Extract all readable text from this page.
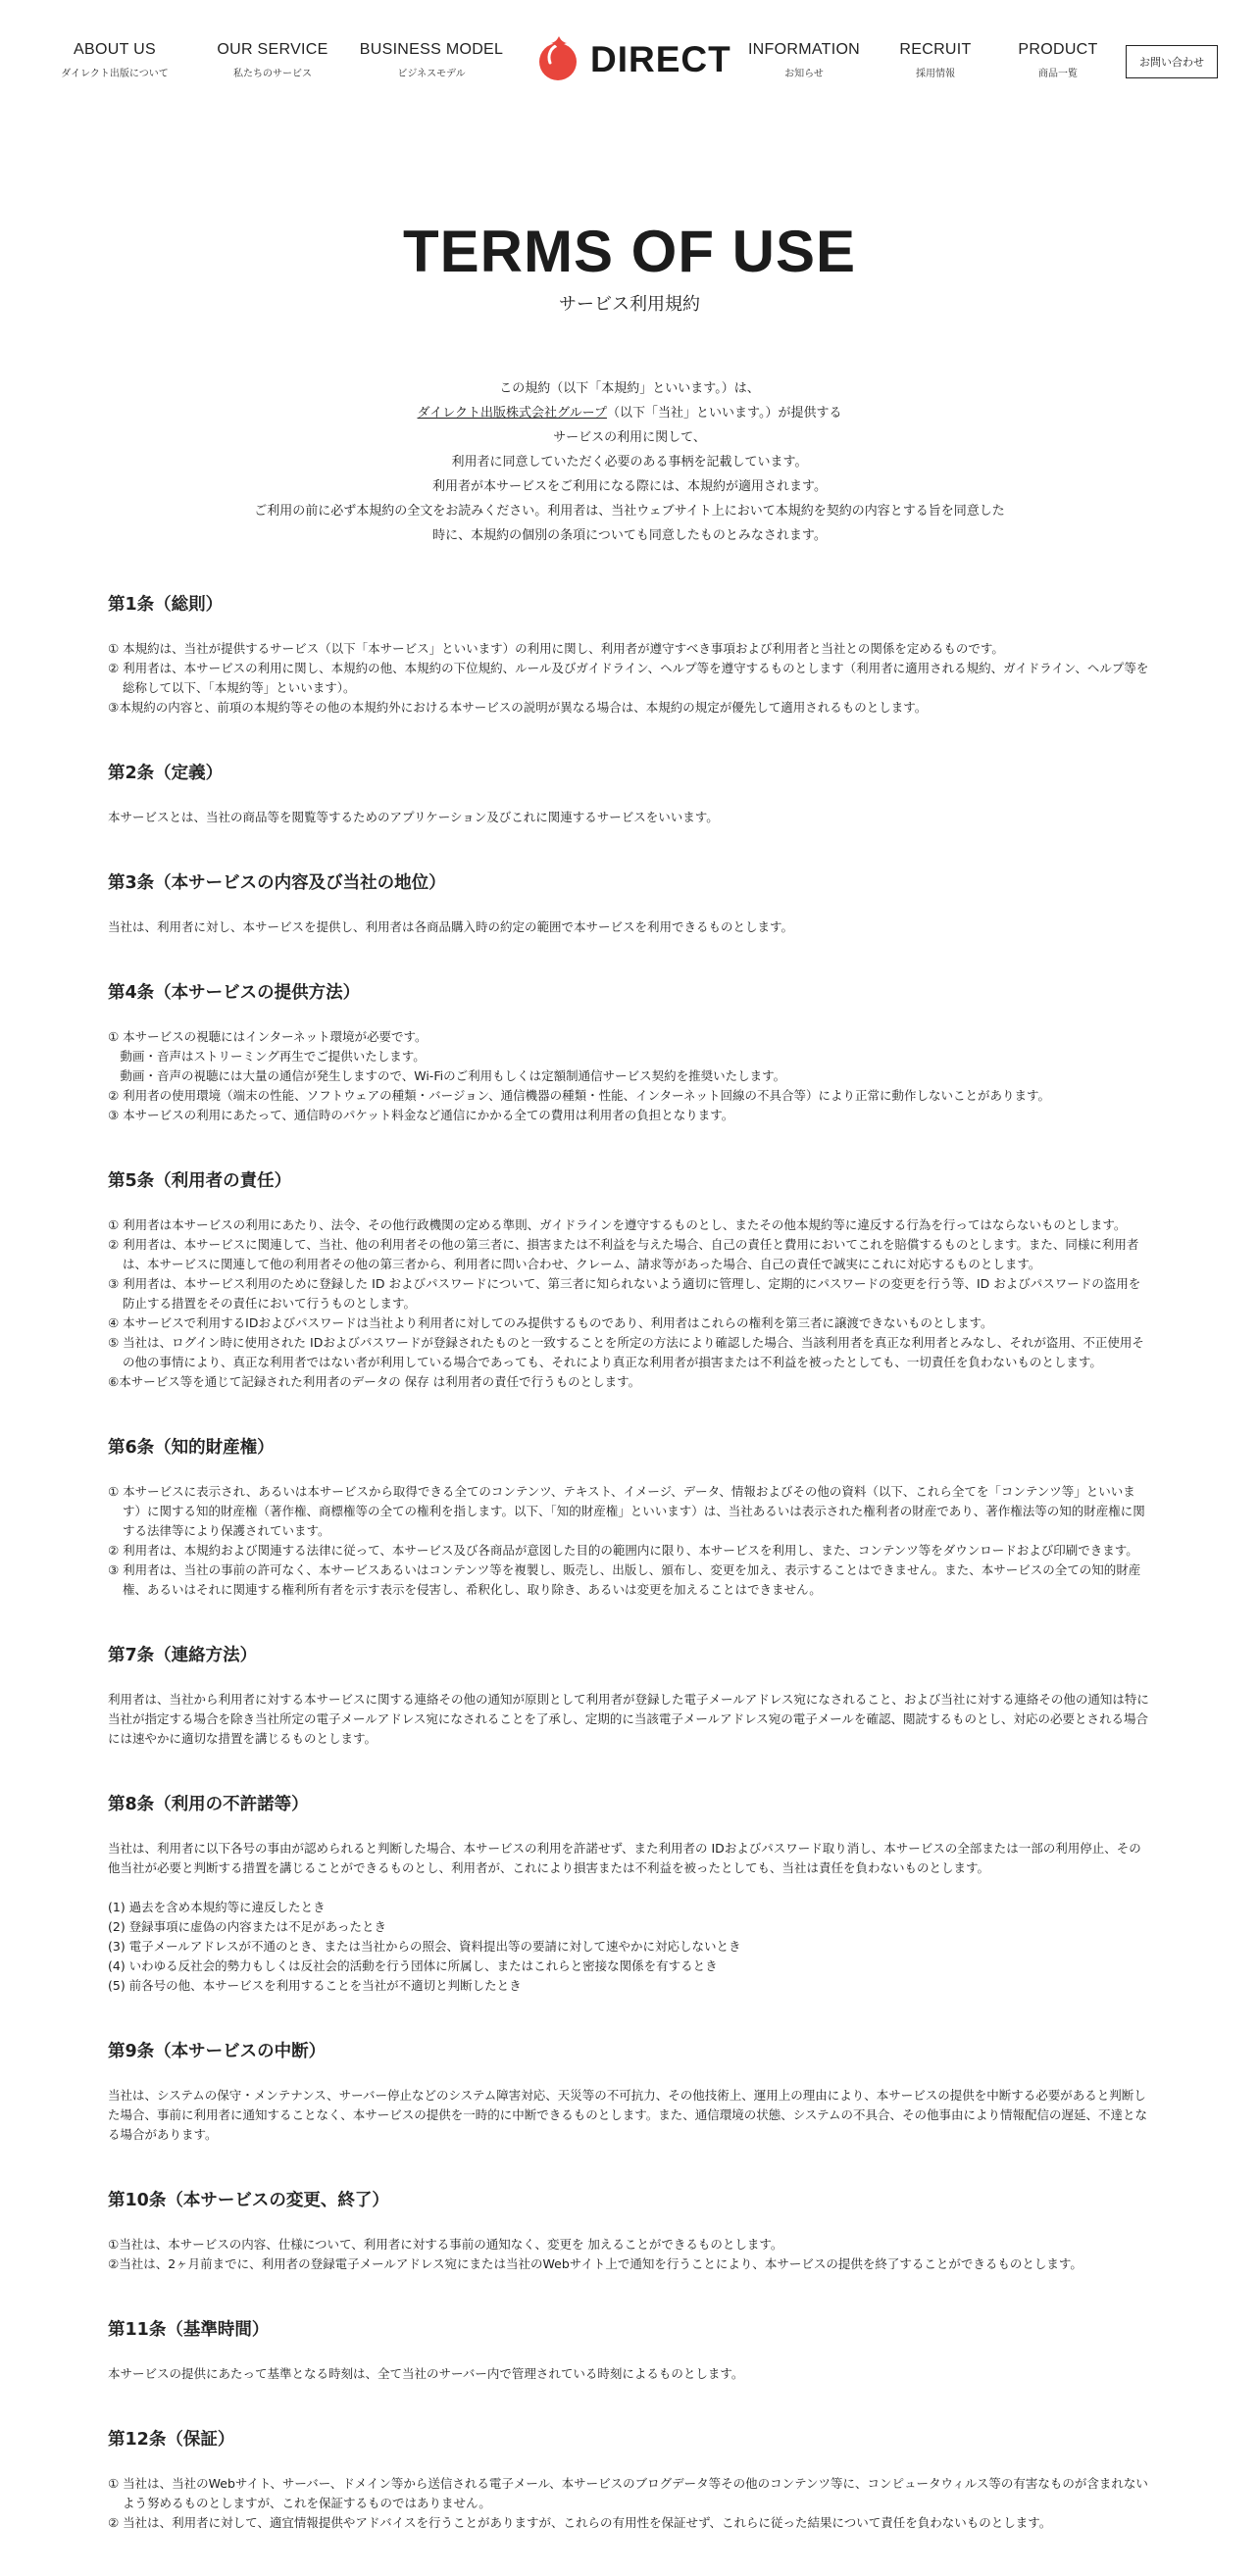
ABOUT US
ダイレクト出版について
OUR SERVICE
私たちのサービス
BUSINESS MODEL
ビジネスモデル	DIRECT	INFORMATION
お知らせ
RECRUIT
採用情報
PRODUCT
商品一覧
お問い合わせ
TERMS OF USE
サービス利用規約
この規約（以下「本規約」といいます。）は、
ダイレクト出版株式会社グループ（以下「当社」といいます。）が提供する
サービスの利用に関して、
利用者に同意していただく必要のある事柄を記載しています。
利用者が本サービスをご利用になる際には、本規約が適用されます。
ご利用の前に必ず本規約の全文をお読みください。利用者は、当社ウェブサイト上において本規約を契約の内容とする旨を同意した
時に、本規約の個別の条項についても同意したものとみなされます。
第1条（総則）

① 本規約は、当社が提供するサービス（以下「本サービス」といいます）の利用に関し、利用者が遵守すべき事項および利用者と当社との関係を定めるものです。

② 利用者は、本サービスの利用に関し、本規約の他、本規約の下位規約、ルール及びガイドライン、ヘルプ等を遵守するものとします（利用者に適用される規約、ガイドライン、ヘルプ等を総称して以下、「本規約等」といいます）。

③本規約の内容と、前項の本規約等その他の本規約外における本サービスの説明が異なる場合は、本規約の規定が優先して適用されるものとします。

第2条（定義）

本サービスとは、当社の商品等を閲覧等するためのアプリケーション及びこれに関連するサービスをいいます。

第3条（本サービスの内容及び当社の地位）

当社は、利用者に対し、本サービスを提供し、利用者は各商品購入時の約定の範囲で本サービスを利用できるものとします。

第4条（本サービスの提供方法）

① 本サービスの視聴にはインターネット環境が必要です。

　動画・音声はストリーミング再生でご提供いたします。

　動画・音声の視聴には大量の通信が発生しますので、Wi-Fiのご利用もしくは定額制通信サービス契約を推奨いたします。

② 利用者の使用環境（端末の性能、ソフトウェアの種類・バージョン、通信機器の種類・性能、インターネット回線の不具合等）により正常に動作しないことがあります。

③ 本サービスの利用にあたって、通信時のパケット料金など通信にかかる全ての費用は利用者の負担となります。

第5条（利用者の責任）

① 利用者は本サービスの利用にあたり、法令、その他行政機関の定める準則、ガイドラインを遵守するものとし、またその他本規約等に違反する行為を行ってはならないものとします。

② 利用者は、本サービスに関連して、当社、他の利用者その他の第三者に、損害または不利益を与えた場合、自己の責任と費用においてこれを賠償するものとします。また、同様に利用者は、本サービスに関連して他の利用者その他の第三者から、利用者に問い合わせ、クレーム、請求等があった場合、自己の責任で誠実にこれに対応するものとします。

③ 利用者は、本サービス利用のために登録した ID およびパスワードについて、第三者に知られないよう適切に管理し、定期的にパスワードの変更を行う等、ID およびパスワードの盗用を防止する措置をその責任において行うものとします。

④ 本サービスで利用するIDおよびパスワードは当社より利用者に対してのみ提供するものであり、利用者はこれらの権利を第三者に譲渡できないものとします。

⑤ 当社は、ログイン時に使用された IDおよびパスワードが登録されたものと一致することを所定の方法により確認した場合、当該利用者を真正な利用者とみなし、それが盗用、不正使用その他の事情により、真正な利用者ではない者が利用している場合であっても、それにより真正な利用者が損害または不利益を被ったとしても、一切責任を負わないものとします。

⑥本サービス等を通じて記録された利用者のデータの 保存 は利用者の責任で行うものとします。

第6条（知的財産権）

① 本サービスに表示され、あるいは本サービスから取得できる全てのコンテンツ、テキスト、イメージ、データ、情報およびその他の資料（以下、これら全てを「コンテンツ等」といいます）に関する知的財産権（著作権、商標権等の全ての権利を指します。以下、「知的財産権」といいます）は、当社あるいは表示された権利者の財産であり、著作権法等の知的財産権に関する法律等により保護されています。

② 利用者は、本規約および関連する法律に従って、本サービス及び各商品が意図した目的の範囲内に限り、本サービスを利用し、また、コンテンツ等をダウンロードおよび印刷できます。

③ 利用者は、当社の事前の許可なく、本サービスあるいはコンテンツ等を複製し、販売し、出版し、頒布し、変更を加え、表示することはできません。また、本サービスの全ての知的財産権、あるいはそれに関連する権利所有者を示す表示を侵害し、希釈化し、取り除き、あるいは変更を加えることはできません。

第7条（連絡方法）

利用者は、当社から利用者に対する本サービスに関する連絡その他の通知が原則として利用者が登録した電子メールアドレス宛になされること、および当社に対する連絡その他の通知は特に当社が指定する場合を除き当社所定の電子メールアドレス宛になされることを了承し、定期的に当該電子メールアドレス宛の電子メールを確認、閲読するものとし、対応の必要とされる場合には速やかに適切な措置を講じるものとします。

第8条（利用の不許諾等）

当社は、利用者に以下各号の事由が認められると判断した場合、本サービスの利用を許諾せず、また利用者の IDおよびパスワード取り消し、本サービスの全部または一部の利用停止、その他当社が必要と判断する措置を講じることができるものとし、利用者が、これにより損害または不利益を被ったとしても、当社は責任を負わないものとします。

(1) 過去を含め本規約等に違反したとき

(2) 登録事項に虚偽の内容または不足があったとき

(3) 電子メールアドレスが不通のとき、または当社からの照会、資料提出等の要請に対して速やかに対応しないとき

(4) いわゆる反社会的勢力もしくは反社会的活動を行う団体に所属し、またはこれらと密接な関係を有するとき

(5) 前各号の他、本サービスを利用することを当社が不適切と判断したとき

第9条（本サービスの中断）

当社は、システムの保守・メンテナンス、サーバー停止などのシステム障害対応、天災等の不可抗力、その他技術上、運用上の理由により、本サービスの提供を中断する必要があると判断した場合、事前に利用者に通知することなく、本サービスの提供を一時的に中断できるものとします。また、通信環境の状態、システムの不具合、その他事由により情報配信の遅延、不達となる場合があります。

第10条（本サービスの変更、終了）

①当社は、本サービスの内容、仕様について、利用者に対する事前の通知なく、変更を 加えることができるものとします。

②当社は、2ヶ月前までに、利用者の登録電子メールアドレス宛にまたは当社のWebサイト上で通知を行うことにより、本サービスの提供を終了することができるものとします。

第11条（基準時間）

本サービスの提供にあたって基準となる時刻は、全て当社のサーバー内で管理されている時刻によるものとします。

第12条（保証）

① 当社は、当社のWebサイト、サーバー、ドメイン等から送信される電子メール、本サービスのブログデータ等その他のコンテンツ等に、コンピュータウィルス等の有害なものが含まれないよう努めるものとしますが、これを保証するものではありません。

② 当社は、利用者に対して、適宜情報提供やアドバイスを行うことがありますが、これらの有用性を保証せず、これらに従った結果について責任を負わないものとします。
